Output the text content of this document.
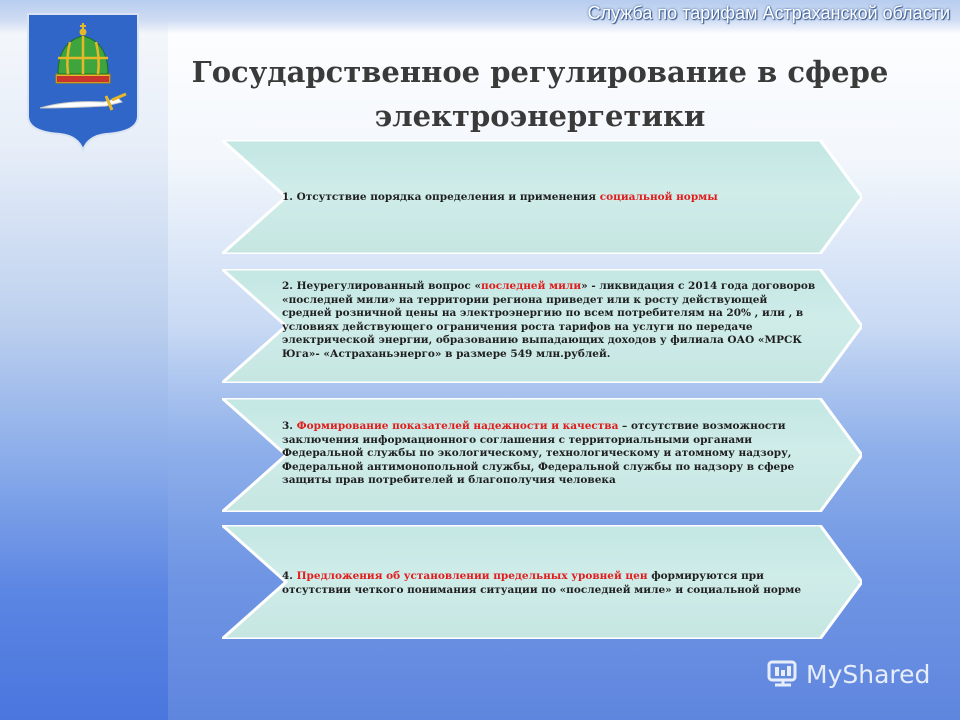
Служба по тарифам Астраханской области
Государственное регулирование в сфере
электроэнергетики
1. Отсутствие порядка определения и применения социальной нормы
2. Неурегулированный вопрос «последней мили» - ликвидация с 2014 года договоров
«последней мили» на территории региона приведет или к росту действующей
средней розничной цены на электроэнергию по всем потребителям на 20% , или , в
условиях действующего ограничения роста тарифов на услуги по передаче
электрической энергии, образованию выпадающих доходов у филиала ОАО «МРСК
Юга»- «Астраханьэнерго» в размере 549 млн.рублей.
3. Формирование показателей надежности и качества – отсутствие возможности
заключения информационного соглашения с территориальными органами
Федеральной службы по экологическому, технологическому и атомному надзору,
Федеральной антимонопольной службы, Федеральной службы по надзору в сфере
защиты прав потребителей и благополучия человека
4. Предложения об установлении предельных уровней цен формируются при
отсутствии четкого понимания ситуации по «последней миле» и социальной норме
MyShared
